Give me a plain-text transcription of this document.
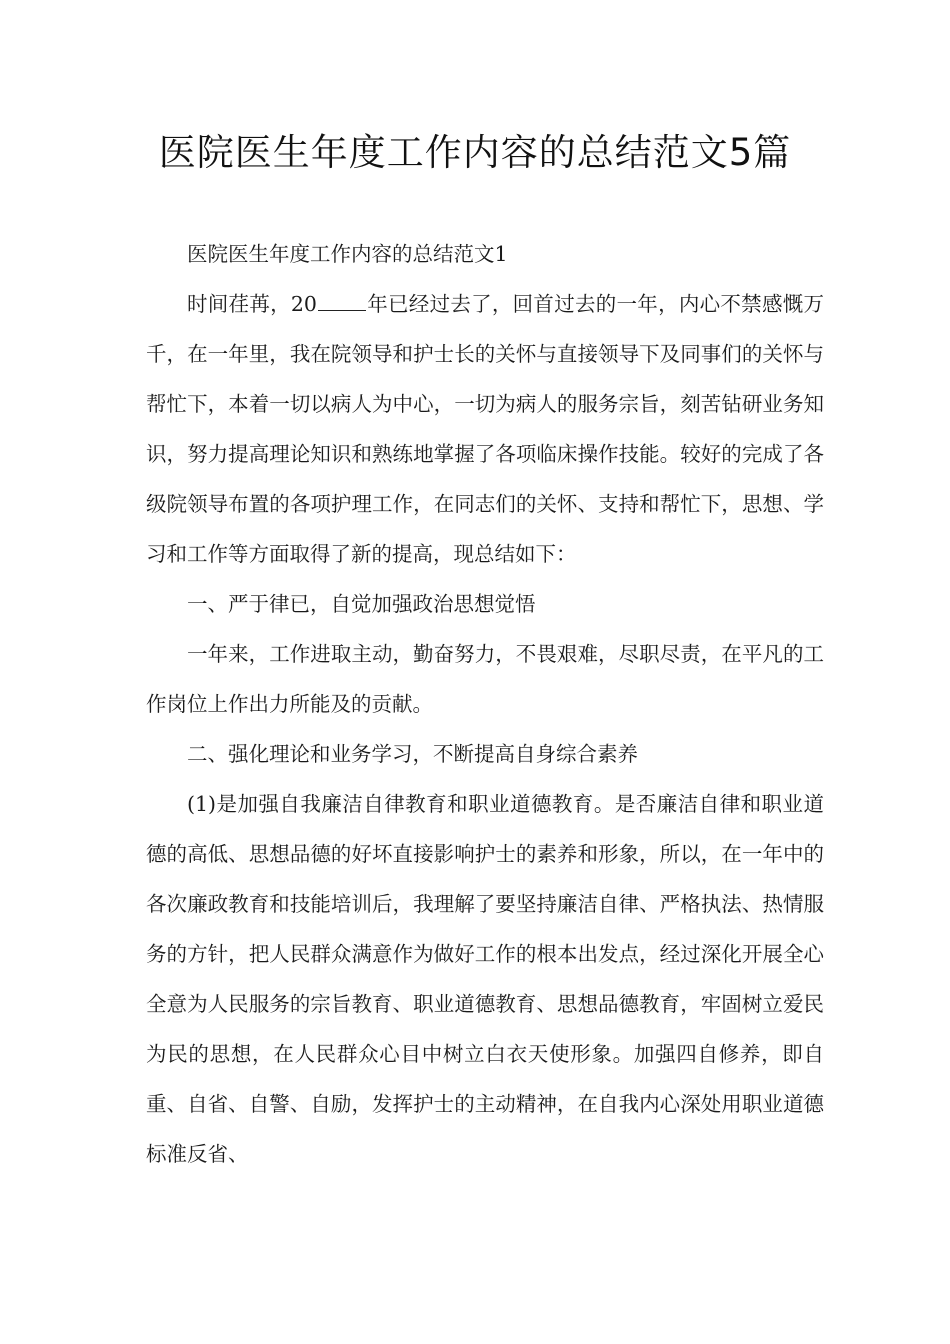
医院医生年度工作内容的总结范文5篇

医院医生年度工作内容的总结范文1

时间荏苒，20 年已经过去了，回首过去的一年，内心不禁感慨万千，在一年里，我在院领导和护士长的关怀与直接领导下及同事们的关怀与帮忙下，本着一切以病人为中心，一切为病人的服务宗旨，刻苦钻研业务知识，努力提高理论知识和熟练地掌握了各项临床操作技能。较好的完成了各级院领导布置的各项护理工作，在同志们的关怀、支持和帮忙下，思想、学习和工作等方面取得了新的提高，现总结如下：

一、严于律已，自觉加强政治思想觉悟

一年来，工作进取主动，勤奋努力，不畏艰难，尽职尽责，在平凡的工作岗位上作出力所能及的贡献。

二、强化理论和业务学习，不断提高自身综合素养

(1)是加强自我廉洁自律教育和职业道德教育。是否廉洁自律和职业道德的高低、思想品德的好坏直接影响护士的素养和形象，所以，在一年中的各次廉政教育和技能培训后，我理解了要坚持廉洁自律、严格执法、热情服务的方针，把人民群众满意作为做好工作的根本出发点，经过深化开展全心全意为人民服务的宗旨教育、职业道德教育、思想品德教育，牢固树立爱民为民的思想，在人民群众心目中树立白衣天使形象。加强四自修养，即自重、自省、自警、自励，发挥护士的主动精神，在自我内心深处用职业道德标准反省、
